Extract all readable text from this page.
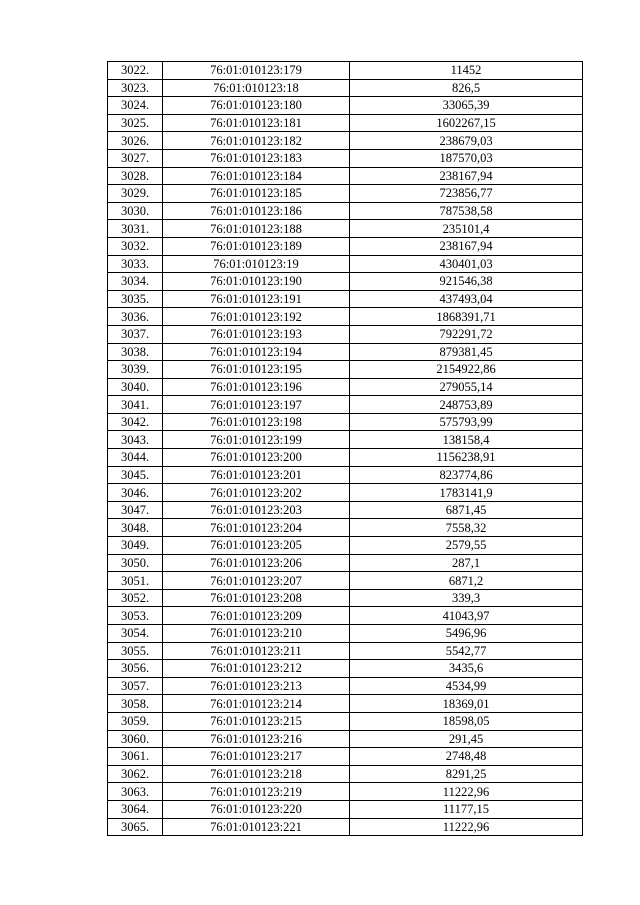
3022.	76:01:010123:179	11452
3023.	76:01:010123:18	826,5
3024.	76:01:010123:180	33065,39
3025.	76:01:010123:181	1602267,15
3026.	76:01:010123:182	238679,03
3027.	76:01:010123:183	187570,03
3028.	76:01:010123:184	238167,94
3029.	76:01:010123:185	723856,77
3030.	76:01:010123:186	787538,58
3031.	76:01:010123:188	235101,4
3032.	76:01:010123:189	238167,94
3033.	76:01:010123:19	430401,03
3034.	76:01:010123:190	921546,38
3035.	76:01:010123:191	437493,04
3036.	76:01:010123:192	1868391,71
3037.	76:01:010123:193	792291,72
3038.	76:01:010123:194	879381,45
3039.	76:01:010123:195	2154922,86
3040.	76:01:010123:196	279055,14
3041.	76:01:010123:197	248753,89
3042.	76:01:010123:198	575793,99
3043.	76:01:010123:199	138158,4
3044.	76:01:010123:200	1156238,91
3045.	76:01:010123:201	823774,86
3046.	76:01:010123:202	1783141,9
3047.	76:01:010123:203	6871,45
3048.	76:01:010123:204	7558,32
3049.	76:01:010123:205	2579,55
3050.	76:01:010123:206	287,1
3051.	76:01:010123:207	6871,2
3052.	76:01:010123:208	339,3
3053.	76:01:010123:209	41043,97
3054.	76:01:010123:210	5496,96
3055.	76:01:010123:211	5542,77
3056.	76:01:010123:212	3435,6
3057.	76:01:010123:213	4534,99
3058.	76:01:010123:214	18369,01
3059.	76:01:010123:215	18598,05
3060.	76:01:010123:216	291,45
3061.	76:01:010123:217	2748,48
3062.	76:01:010123:218	8291,25
3063.	76:01:010123:219	11222,96
3064.	76:01:010123:220	11177,15
3065.	76:01:010123:221	11222,96
